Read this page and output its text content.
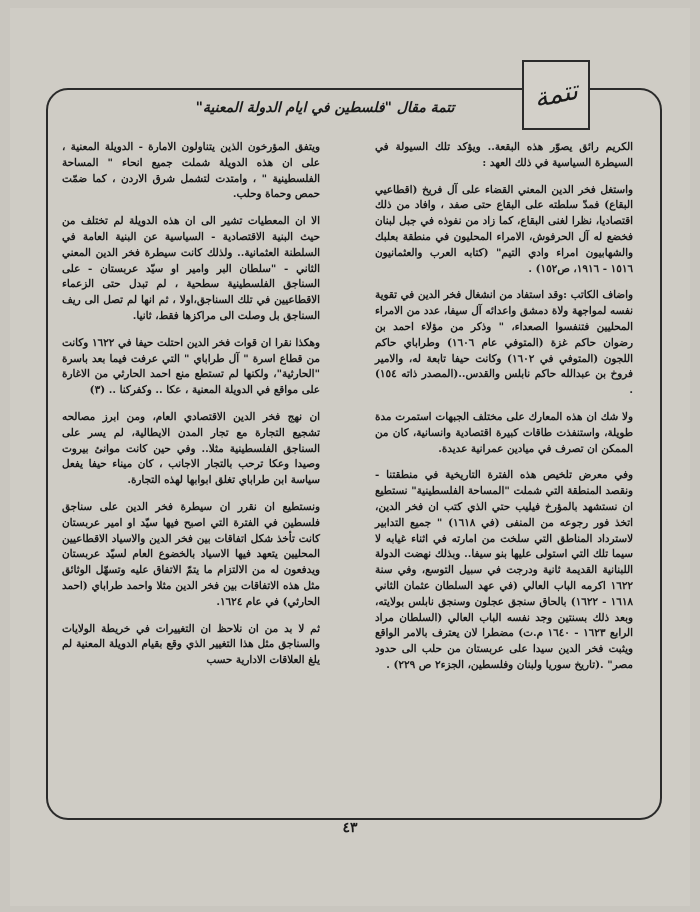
تتمة
تتمة مقال "فلسطين في ايام الدولة المعنية"

الكريم رائق يصوّر هذه البقعة.. ويؤكد تلك السيولة في السيطرة السياسية في ذلك العهد :

واستغل فخر الدين المعني القضاء على آل فريخ (اقطاعيي البقاع) فمدّ سلطته على البقاع حتى صفد ، وافاد من ذلك اقتصاديا، نظرا لغنى البقاع، كما زاد من نفوذه في جبل لبنان فخضع له آل الحرفوش، الامراء المحليون في منطقة بعلبك والشهابيون امراء وادي التيم" (كتابه العرب والعثمانيون ١٥١٦ - ١٩١٦، ص١٥٢) .

واضاف الكاتب :وقد استفاد من انشغال فخر الدين في تقوية نفسه لمواجهة ولاة دمشق واعدائه آل سيفا، عدد من الامراء المحليين فتنفسوا الصعداء، " وذكر من مؤلاء احمد بن رضوان حاكم غزة (المتوفي عام ١٦٠٦) وطراباي حاكم اللجون (المتوفي في ١٦٠٢) وكانت حيفا تابعة له، والامير فروخ بن عبدالله حاكم نابلس والقدس..(المصدر ذاته ١٥٤) .

ولا شك ان هذه المعارك على مختلف الجبهات استمرت مدة طويلة، واستنفذت طاقات كبيرة اقتصادية وانسانية، كان من الممكن ان تصرف في ميادين عمرانية عديدة.

وفي معرض تلخيص هذه الفترة التاريخية في منطقتنا - ونقصد المنطقة التي شملت "المساحة الفلسطينية" نستطيع ان نستشهد بالمؤرخ فيليب حتي الذي كتب ان فخر الدين، اتخذ فور رجوعه من المنفى (في ١٦١٨) " جميع التدابير لاسترداد المناطق التي سلخت من امارته في اثناء غيابه لا سيما تلك التي استولى عليها بنو سيفا.. وبذلك نهضت الدولة اللبنانية القديمة ثانية ودرجت في سبيل التوسع، وفي سنة ١٦٢٢ اكرمه الباب العالي (في عهد السلطان عثمان الثاني ١٦١٨ - ١٦٢٢) بالحاق سنجق عجلون وسنجق نابلس بولايته، وبعد ذلك بسنتين وجد نفسه الباب العالي (السلطان مراد الرابع ١٦٢٣ - ١٦٤٠ م.ت) مضطرا لان يعترف بالامر الواقع ويثبت فخر الدين سيدا على عربستان من حلب الى حدود مصر" .(تاريخ سوريا ولبنان وفلسطين، الجزء٢ ص ٢٢٩) .

ويتفق المؤرخون الذين يتناولون الامارة - الدويلة المعنية ، على ان هذه الدويلة شملت جميع انحاء " المساحة الفلسطينية " ، وامتدت لتشمل شرق الاردن ، كما ضمّت حمص وحماة وحلب.

الا ان المعطيات تشير الى ان هذه الدويلة لم تختلف من حيث البنية الاقتصادية - السياسية عن البنية العامة في السلطنة العثمانية.. ولذلك كانت سيطرة فخر الدين المعني الثاني - "سلطان البر وامير او سيّد عربستان - على السناجق الفلسطينية سطحية ، لم تبدل حتى الزعماء الاقطاعيين في تلك السناجق،اولا ، ثم انها لم تصل الى ريف السناجق بل وصلت الى مراكزها فقط، ثانيا.

وهكذا نقرا ان قوات فخر الدين احتلت حيفا في ١٦٢٢ وكانت من قطاع اسرة " آل طراباي " التي عرفت فيما بعد باسرة "الحارثية"، ولكنها لم تستطع منع احمد الحارثي من الاغارة على مواقع في الدويلة المعنية ، عكا .. وكفركنا .. (٣)

ان نهج فخر الدين الاقتصادي العام، ومن ابرز مصالحه تشجيع التجارة مع تجار المدن الايطالية، لم يسر على السناجق الفلسطينية مثلا.. وفي حين كانت موانئ بيروت وصيدا وعكا ترحب بالتجار الاجانب ، كان ميناء حيفا يفعل سياسة ابن طراباي تغلق ابوابها لهذه التجارة.

ونستطيع ان نقرر ان سيطرة فخر الدين على سناجق فلسطين في الفترة التي اصبح فيها سيّد او امير عربستان كانت تأخذ شكل اتفاقات بين فخر الدين والاسياد الاقطاعيين المحليين يتعهد فيها الاسياد بالخضوع العام لسيّد عربستان ويدفعون له من الالتزام ما يتمّ الاتفاق عليه وتسهّل الوثائق مثل هذه الاتفاقات بين فخر الدين مثلا واحمد طراباي (احمد الحارثي) في عام ١٦٢٤.

ثم لا بد من ان نلاحظ ان التغييرات في خريطة الولايات والسناجق مثل هذا التغيير الذي وقع بقيام الدويلة المعنية لم يلغ العلاقات الادارية حسب

٤٣
